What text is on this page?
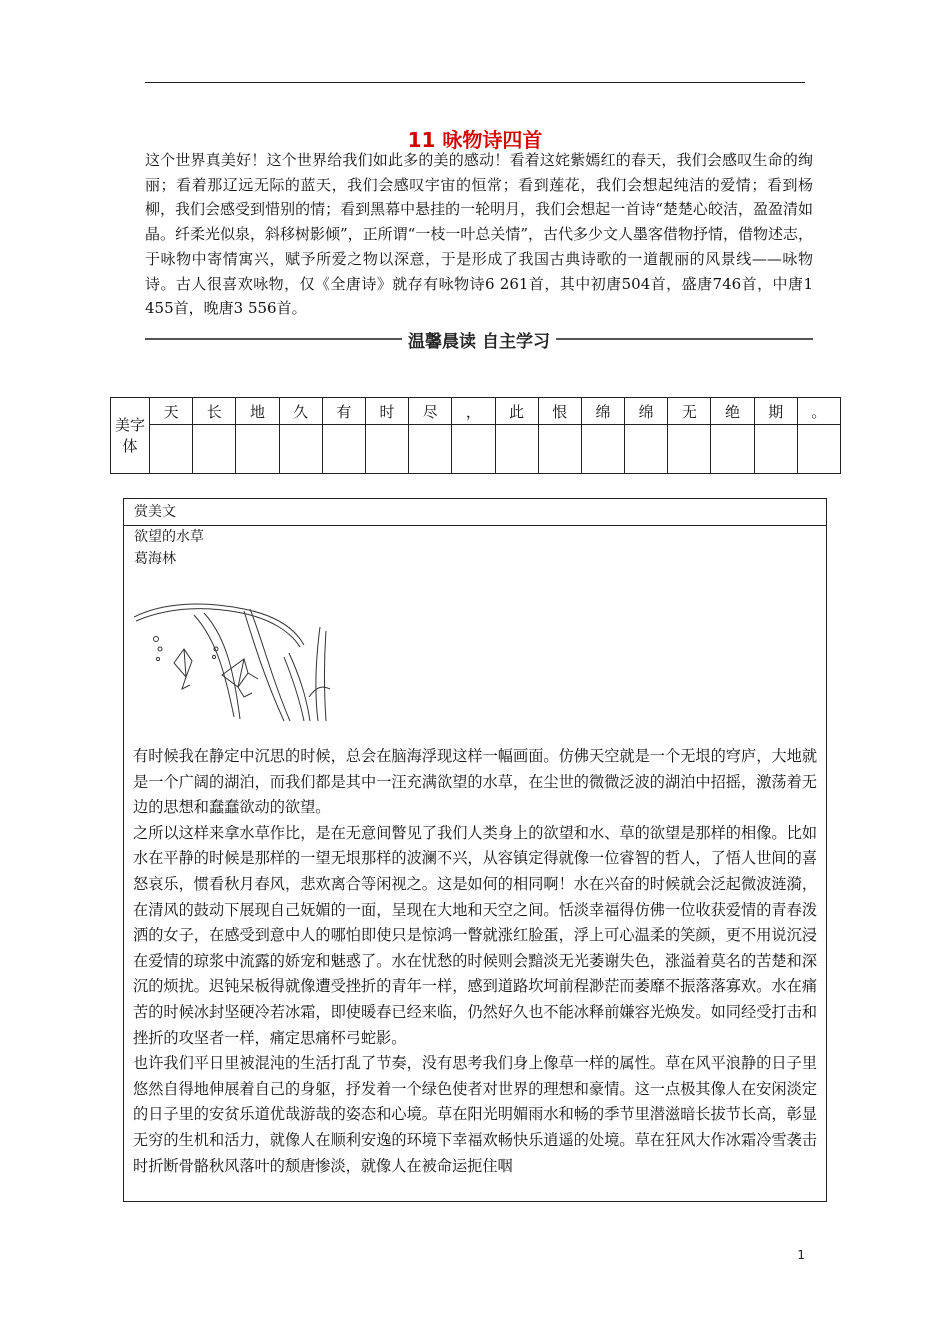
11 咏物诗四首

这个世界真美好！这个世界给我们如此多的美的感动！看着这姹紫嫣红的春天，我们会感叹生命的绚丽；看着那辽远无际的蓝天，我们会感叹宇宙的恒常；看到莲花，我们会想起纯洁的爱情；看到杨柳，我们会感受到惜别的情；看到黑幕中悬挂的一轮明月，我们会想起一首诗“楚楚心皎洁，盈盈清如晶。纤柔光似泉，斜移树影倾”，正所谓“一枝一叶总关情”，古代多少文人墨客借物抒情，借物述志，于咏物中寄情寓兴，赋予所爱之物以深意，于是形成了我国古典诗歌的一道靓丽的风景线——咏物诗。古人很喜欢咏物，仅《全唐诗》就存有咏物诗6 261首，其中初唐504首，盛唐746首，中唐1 455首，晚唐3 556首。

温馨晨读 自主学习
美字体	天	长	地	久	有	时	尽	，	此	恨	绵	绵	无	绝	期	。

赏美文
欲望的水草
葛海林

有时候我在静定中沉思的时候，总会在脑海浮现这样一幅画面。仿佛天空就是一个无垠的穹庐，大地就是一个广阔的湖泊，而我们都是其中一汪充满欲望的水草，在尘世的微微泛波的湖泊中招摇，激荡着无边的思想和蠢蠢欲动的欲望。

之所以这样来拿水草作比，是在无意间瞥见了我们人类身上的欲望和水、草的欲望是那样的相像。比如水在平静的时候是那样的一望无垠那样的波澜不兴，从容镇定得就像一位睿智的哲人，了悟人世间的喜怒哀乐，惯看秋月春风，悲欢离合等闲视之。这是如何的相同啊！水在兴奋的时候就会泛起微波涟漪，在清风的鼓动下展现自己妩媚的一面，呈现在大地和天空之间。恬淡幸福得仿佛一位收获爱情的青春泼洒的女子，在感受到意中人的哪怕即使只是惊鸿一瞥就涨红脸蛋，浮上可心温柔的笑颜，更不用说沉浸在爱情的琼浆中流露的娇宠和魅惑了。水在忧愁的时候则会黯淡无光萎谢失色，涨溢着莫名的苦楚和深沉的烦扰。迟钝呆板得就像遭受挫折的青年一样，感到道路坎坷前程渺茫而萎靡不振落落寡欢。水在痛苦的时候冰封坚硬冷若冰霜，即使暖春已经来临，仍然好久也不能冰释前嫌容光焕发。如同经受打击和挫折的攻坚者一样，痛定思痛杯弓蛇影。

也许我们平日里被混沌的生活打乱了节奏，没有思考我们身上像草一样的属性。草在风平浪静的日子里悠然自得地伸展着自己的身躯，抒发着一个绿色使者对世界的理想和豪情。这一点极其像人在安闲淡定的日子里的安贫乐道优哉游哉的姿态和心境。草在阳光明媚雨水和畅的季节里潜滋暗长拔节长高，彰显无穷的生机和活力，就像人在顺利安逸的环境下幸福欢畅快乐逍遥的处境。草在狂风大作冰霜冷雪袭击时折断骨骼秋风落叶的颓唐惨淡，就像人在被命运扼住咽

1
